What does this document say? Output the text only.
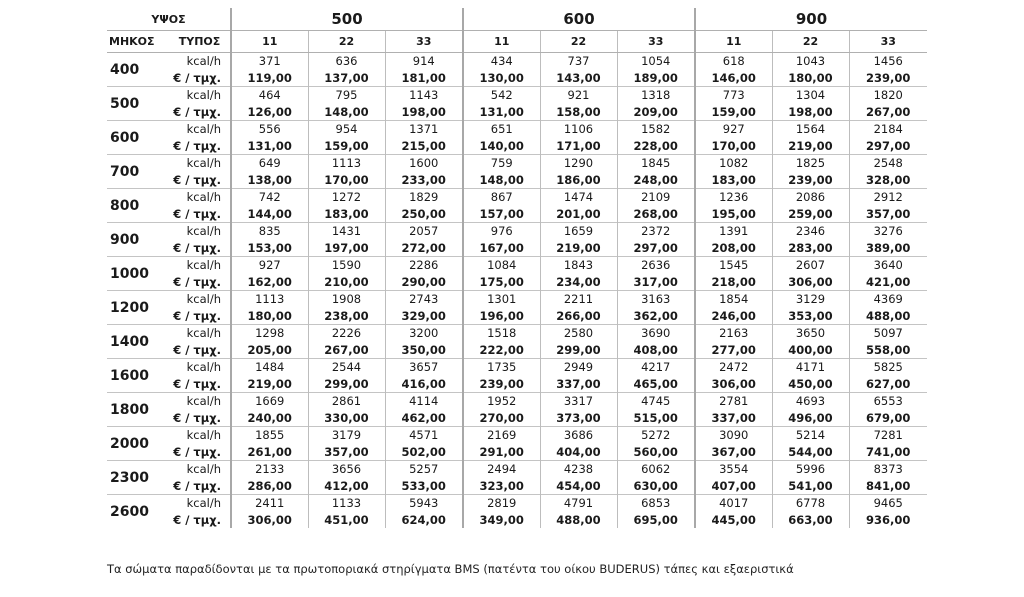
ΥΨΟΣ		500			600			900		
ΜΗΚΟΣ	ΤΥΠΟΣ	11	22	33	11	22	33	11	22	33
400	kcal/h	371	636	914	434	737	1054	618	1043	1456
	€ / τμχ.	119,00	137,00	181,00	130,00	143,00	189,00	146,00	180,00	239,00
500	kcal/h	464	795	1143	542	921	1318	773	1304	1820
	€ / τμχ.	126,00	148,00	198,00	131,00	158,00	209,00	159,00	198,00	267,00
600	kcal/h	556	954	1371	651	1106	1582	927	1564	2184
	€ / τμχ.	131,00	159,00	215,00	140,00	171,00	228,00	170,00	219,00	297,00
700	kcal/h	649	1113	1600	759	1290	1845	1082	1825	2548
	€ / τμχ.	138,00	170,00	233,00	148,00	186,00	248,00	183,00	239,00	328,00
800	kcal/h	742	1272	1829	867	1474	2109	1236	2086	2912
	€ / τμχ.	144,00	183,00	250,00	157,00	201,00	268,00	195,00	259,00	357,00
900	kcal/h	835	1431	2057	976	1659	2372	1391	2346	3276
	€ / τμχ.	153,00	197,00	272,00	167,00	219,00	297,00	208,00	283,00	389,00
1000	kcal/h	927	1590	2286	1084	1843	2636	1545	2607	3640
	€ / τμχ.	162,00	210,00	290,00	175,00	234,00	317,00	218,00	306,00	421,00
1200	kcal/h	1113	1908	2743	1301	2211	3163	1854	3129	4369
	€ / τμχ.	180,00	238,00	329,00	196,00	266,00	362,00	246,00	353,00	488,00
1400	kcal/h	1298	2226	3200	1518	2580	3690	2163	3650	5097
	€ / τμχ.	205,00	267,00	350,00	222,00	299,00	408,00	277,00	400,00	558,00
1600	kcal/h	1484	2544	3657	1735	2949	4217	2472	4171	5825
	€ / τμχ.	219,00	299,00	416,00	239,00	337,00	465,00	306,00	450,00	627,00
1800	kcal/h	1669	2861	4114	1952	3317	4745	2781	4693	6553
	€ / τμχ.	240,00	330,00	462,00	270,00	373,00	515,00	337,00	496,00	679,00
2000	kcal/h	1855	3179	4571	2169	3686	5272	3090	5214	7281
	€ / τμχ.	261,00	357,00	502,00	291,00	404,00	560,00	367,00	544,00	741,00
2300	kcal/h	2133	3656	5257	2494	4238	6062	3554	5996	8373
	€ / τμχ.	286,00	412,00	533,00	323,00	454,00	630,00	407,00	541,00	841,00
2600	kcal/h	2411	1133	5943	2819	4791	6853	4017	6778	9465
	€ / τμχ.	306,00	451,00	624,00	349,00	488,00	695,00	445,00	663,00	936,00
Τα σώματα παραδίδονται με τα πρωτοποριακά στηρίγματα BMS (πατέντα του οίκου BUDERUS) τάπες και εξαεριστικά
